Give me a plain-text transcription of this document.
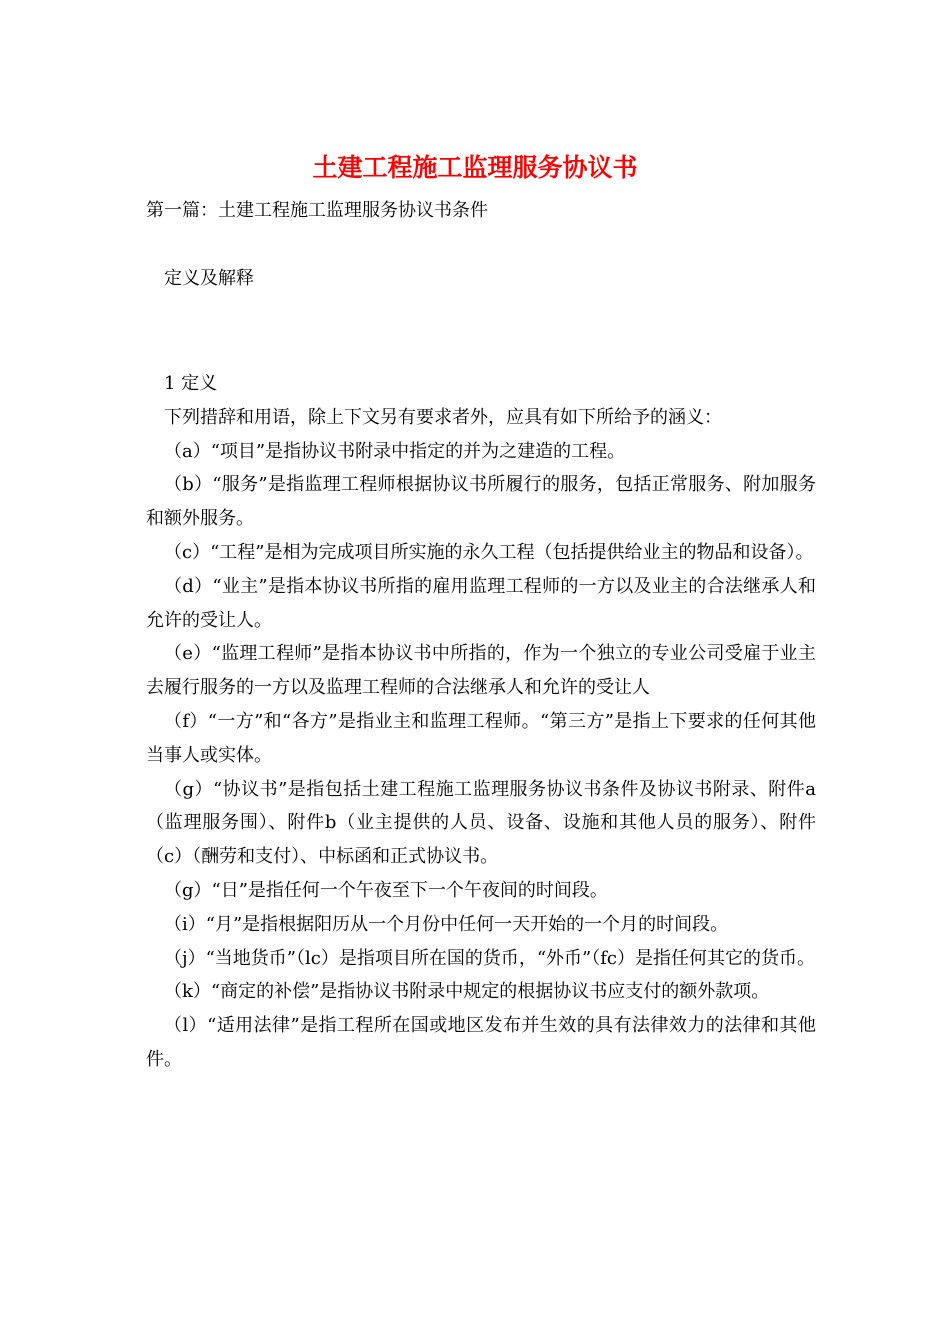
土建工程施工监理服务协议书
第一篇：土建工程施工监理服务协议书条件
定义及解释

1 定义

下列措辞和用语，除上下文另有要求者外，应具有如下所给予的涵义：

（a）“项目”是指协议书附录中指定的并为之建造的工程。

（b）“服务”是指监理工程师根据协议书所履行的服务，包括正常服务、附加服务和额外服务。

（c）“工程”是相为完成项目所实施的永久工程（包括提供给业主的物品和设备）。

（d）“业主”是指本协议书所指的雇用监理工程师的一方以及业主的合法继承人和允许的受让人。

（e）“监理工程师”是指本协议书中所指的，作为一个独立的专业公司受雇于业主去履行服务的一方以及监理工程师的合法继承人和允许的受让人

（f）“一方”和“各方”是指业主和监理工程师。“第三方”是指上下要求的任何其他当事人或实体。

（g）“协议书”是指包括土建工程施工监理服务协议书条件及协议书附录、附件a（监理服务围）、附件b（业主提供的人员、设备、设施和其他人员的服务）、附件（c）（酬劳和支付）、中标函和正式协议书。

（g）“日”是指任何一个午夜至下一个午夜间的时间段。

（i）“月”是指根据阳历从一个月份中任何一天开始的一个月的时间段。

（j）“当地货币”（lc）是指项目所在国的货币，“外币”（fc）是指任何其它的货币。

（k）“商定的补偿”是指协议书附录中规定的根据协议书应支付的额外款项。

（l）“适用法律”是指工程所在国或地区发布并生效的具有法律效力的法律和其他件。
